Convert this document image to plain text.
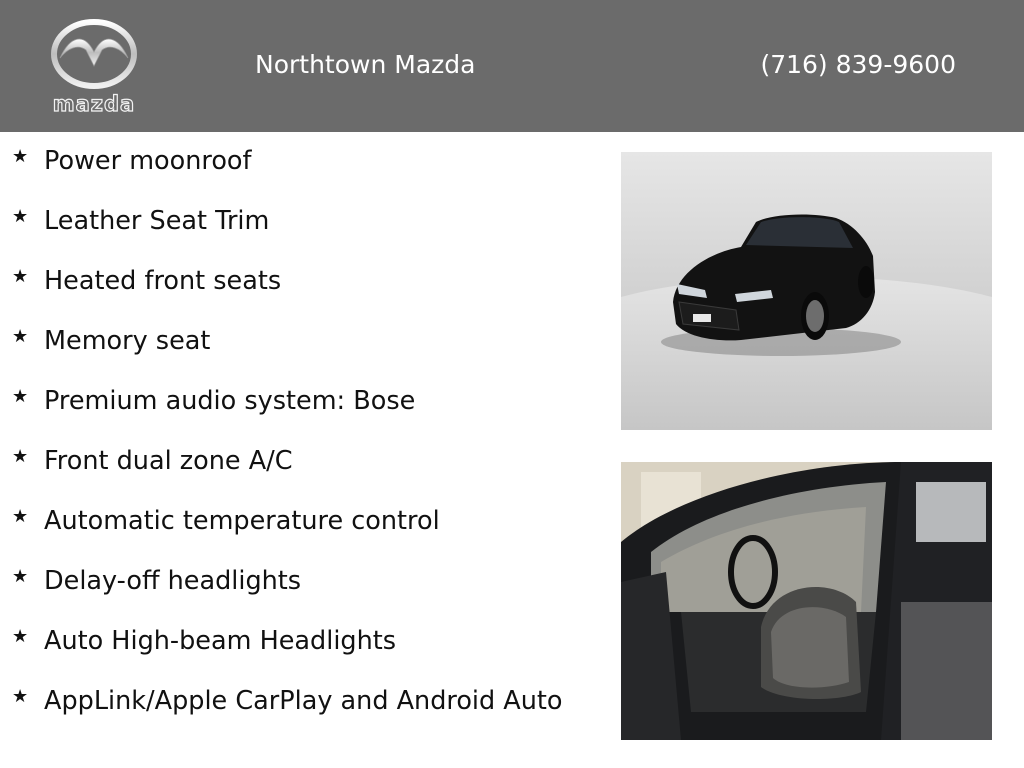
mazda
Northtown Mazda	(716) 839-9600
★ Power moonroof
★ Leather Seat Trim
★ Heated front seats
★ Memory seat
★ Premium audio system: Bose
★ Front dual zone A/C
★ Automatic temperature control
★ Delay-off headlights
★ Auto High-beam Headlights
★ AppLink/Apple CarPlay and Android Auto
